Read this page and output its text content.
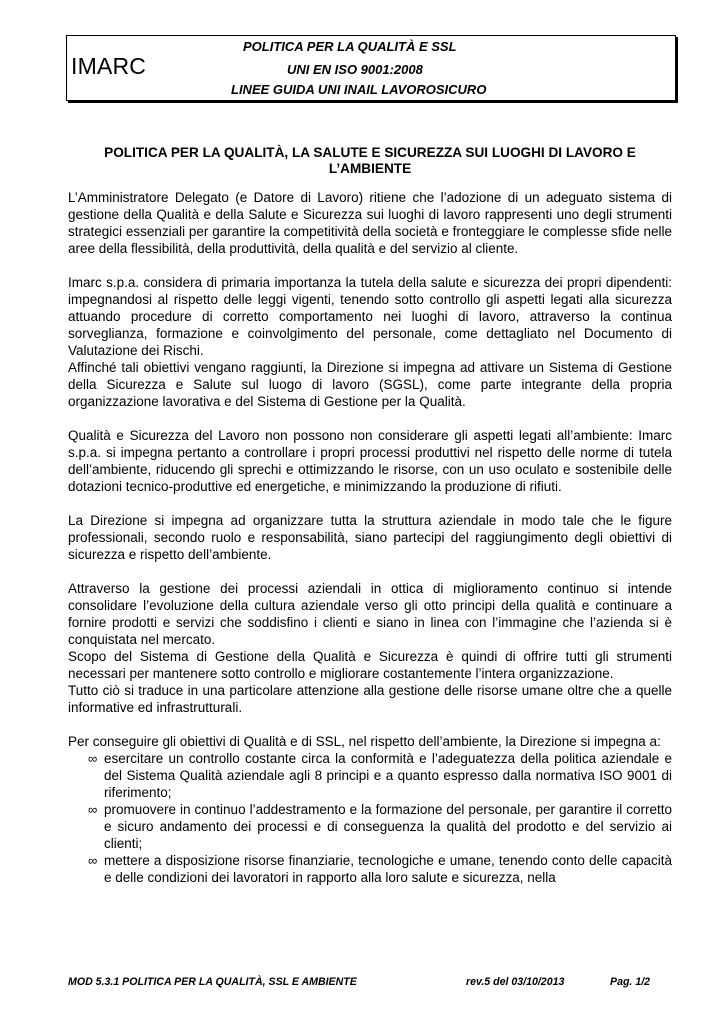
IMARC
POLITICA PER LA QUALITÀ E SSL
UNI EN ISO 9001:2008
LINEE GUIDA UNI INAIL LAVOROSICURO
POLITICA PER LA QUALITÀ, LA SALUTE E SICUREZZA SUI LUOGHI DI LAVORO E L’AMBIENTE

L’Amministratore Delegato (e Datore di Lavoro) ritiene che l’adozione di un adeguato sistema di gestione della Qualità e della Salute e Sicurezza sui luoghi di lavoro rappresenti uno degli strumenti strategici essenziali per garantire la competitività della società e fronteggiare le complesse sfide nelle aree della flessibilità, della produttività, della qualità e del servizio al cliente.

Imarc s.p.a. considera di primaria importanza la tutela della salute e sicurezza dei propri dipendenti: impegnandosi al rispetto delle leggi vigenti, tenendo sotto controllo gli aspetti legati alla sicurezza attuando procedure di corretto comportamento nei luoghi di lavoro, attraverso la continua sorveglianza, formazione e coinvolgimento del personale, come dettagliato nel Documento di Valutazione dei Rischi.

Affinché tali obiettivi vengano raggiunti, la Direzione si impegna ad attivare un Sistema di Gestione della Sicurezza e Salute sul luogo di lavoro (SGSL), come parte integrante della propria organizzazione lavorativa e del Sistema di Gestione per la Qualità.

Qualità e Sicurezza del Lavoro non possono non considerare gli aspetti legati all’ambiente: Imarc s.p.a. si impegna pertanto a controllare i propri processi produttivi nel rispetto delle norme di tutela dell’ambiente, riducendo gli sprechi e ottimizzando le risorse, con un uso oculato e sostenibile delle dotazioni tecnico-produttive ed energetiche, e minimizzando la produzione di rifiuti.

La Direzione si impegna ad organizzare tutta la struttura aziendale in modo tale che le figure professionali, secondo ruolo e responsabilità, siano partecipi del raggiungimento degli obiettivi di sicurezza e rispetto dell’ambiente.

Attraverso la gestione dei processi aziendali in ottica di miglioramento continuo si intende consolidare l’evoluzione della cultura aziendale verso gli otto principi della qualità e continuare a fornire prodotti e servizi che soddisfino i clienti e siano in linea con l’immagine che l’azienda si è conquistata nel mercato.

Scopo del Sistema di Gestione della Qualità e Sicurezza è quindi di offrire tutti gli strumenti necessari per mantenere sotto controllo e migliorare costantemente l’intera organizzazione.

Tutto ciò si traduce in una particolare attenzione alla gestione delle risorse umane oltre che a quelle informative ed infrastrutturali.

Per conseguire gli obiettivi di Qualità e di SSL, nel rispetto dell’ambiente, la Direzione si impegna a:

∞ esercitare un controllo costante circa la conformità e l’adeguatezza della politica aziendale e del Sistema Qualità aziendale agli 8 principi e a quanto espresso dalla normativa ISO 9001 di riferimento;
∞ promuovere in continuo l’addestramento e la formazione del personale, per garantire il corretto e sicuro andamento dei processi e di conseguenza la qualità del prodotto e del servizio ai clienti;
∞ mettere a disposizione risorse finanziarie, tecnologiche e umane, tenendo conto delle capacità e delle condizioni dei lavoratori in rapporto alla loro salute e sicurezza, nella
MOD 5.3.1 POLITICA PER LA QUALITÀ, SSL E AMBIENTE	rev.5 del 03/10/2013	Pag. 1/2
